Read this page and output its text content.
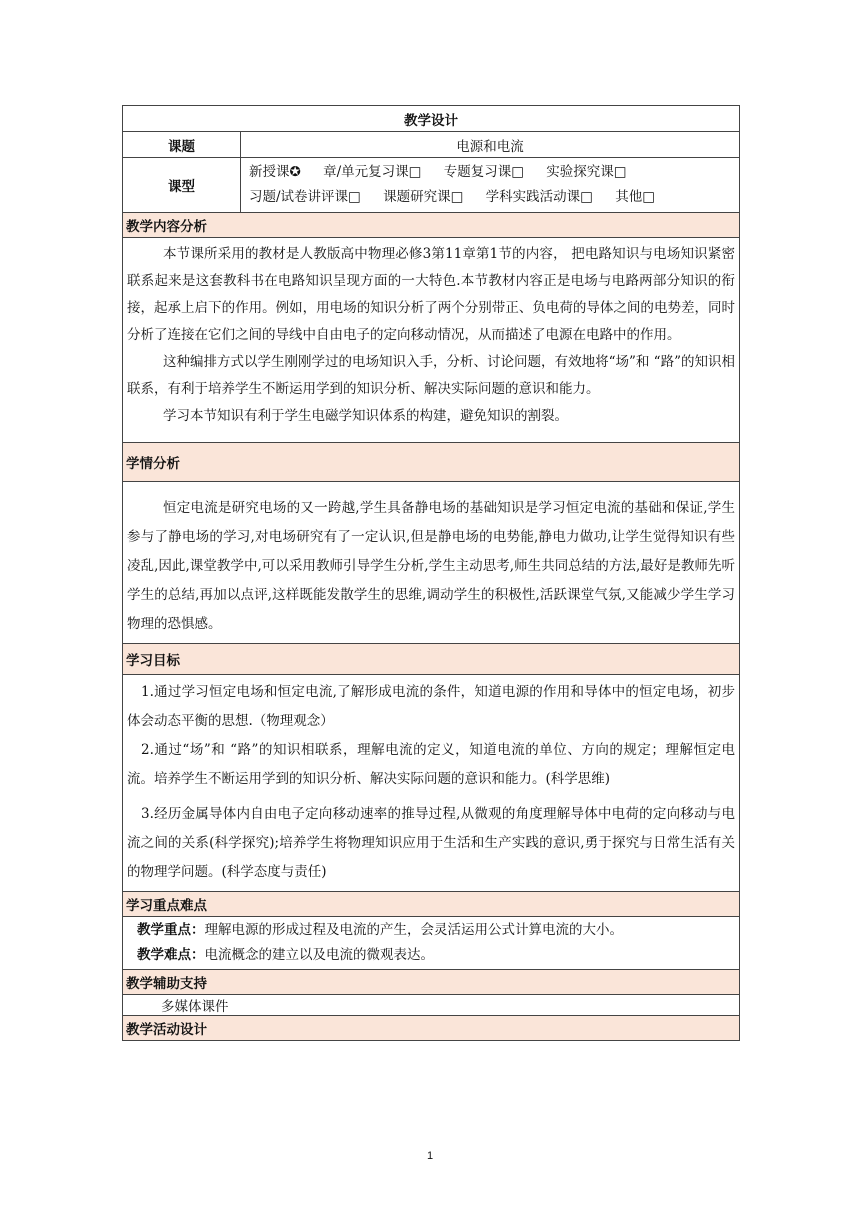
教学设计	
课题	电源和电流
课型	新授课✪ 章/单元复习课□ 专题复习课□ 实验探究课□
习题/试卷讲评课□ 课题研究课□ 学科实践活动课□ 其他□

教学内容分析	

本节课所采用的教材是人教版高中物理必修3第11章第1节的内容， 把电路知识与电场知识紧密联系起来是这套教科书在电路知识呈现方面的一大特色.本节教材内容正是电场与电路两部分知识的衔接，起承上启下的作用。例如，用电场的知识分析了两个分别带正、负电荷的导体之间的电势差，同时分析了连接在它们之间的导线中自由电子的定向移动情况，从而描述了电源在电路中的作用。

这种编排方式以学生刚刚学过的电场知识入手，分析、讨论问题，有效地将“场”和 “路”的知识相联系，有利于培养学生不断运用学到的知识分析、解决实际问题的意识和能力。

学习本节知识有利于学生电磁学知识体系的构建，避免知识的割裂。	

学情分析	

恒定电流是研究电场的又一跨越,学生具备静电场的基础知识是学习恒定电流的基础和保证,学生参与了静电场的学习,对电场研究有了一定认识,但是静电场的电势能,静电力做功,让学生觉得知识有些凌乱,因此,课堂教学中,可以采用教师引导学生分析,学生主动思考,师生共同总结的方法,最好是教师先听学生的总结,再加以点评,这样既能发散学生的思维,调动学生的积极性,活跃课堂气氛,又能减少学生学习物理的恐惧感。	

学习目标	

1.通过学习恒定电场和恒定电流,了解形成电流的条件，知道电源的作用和导体中的恒定电场，初步体会动态平衡的思想.（物理观念）

2.通过“场”和 “路”的知识相联系，理解电流的定义，知道电流的单位、方向的规定；理解恒定电流。培养学生不断运用学到的知识分析、解决实际问题的意识和能力。(科学思维)

3.经历金属导体内自由电子定向移动速率的推导过程,从微观的角度理解导体中电荷的定向移动与电流之间的关系(科学探究);培养学生将物理知识应用于生活和生产实践的意识,勇于探究与日常生活有关的物理学问题。(科学态度与责任)	

学习重点难点	

教学重点：理解电源的形成过程及电流的产生，会灵活运用公式计算电流的大小。

教学难点：电流概念的建立以及电流的微观表达。	

教学辅助支持	
多媒体课件	
教学活动设计	
1
